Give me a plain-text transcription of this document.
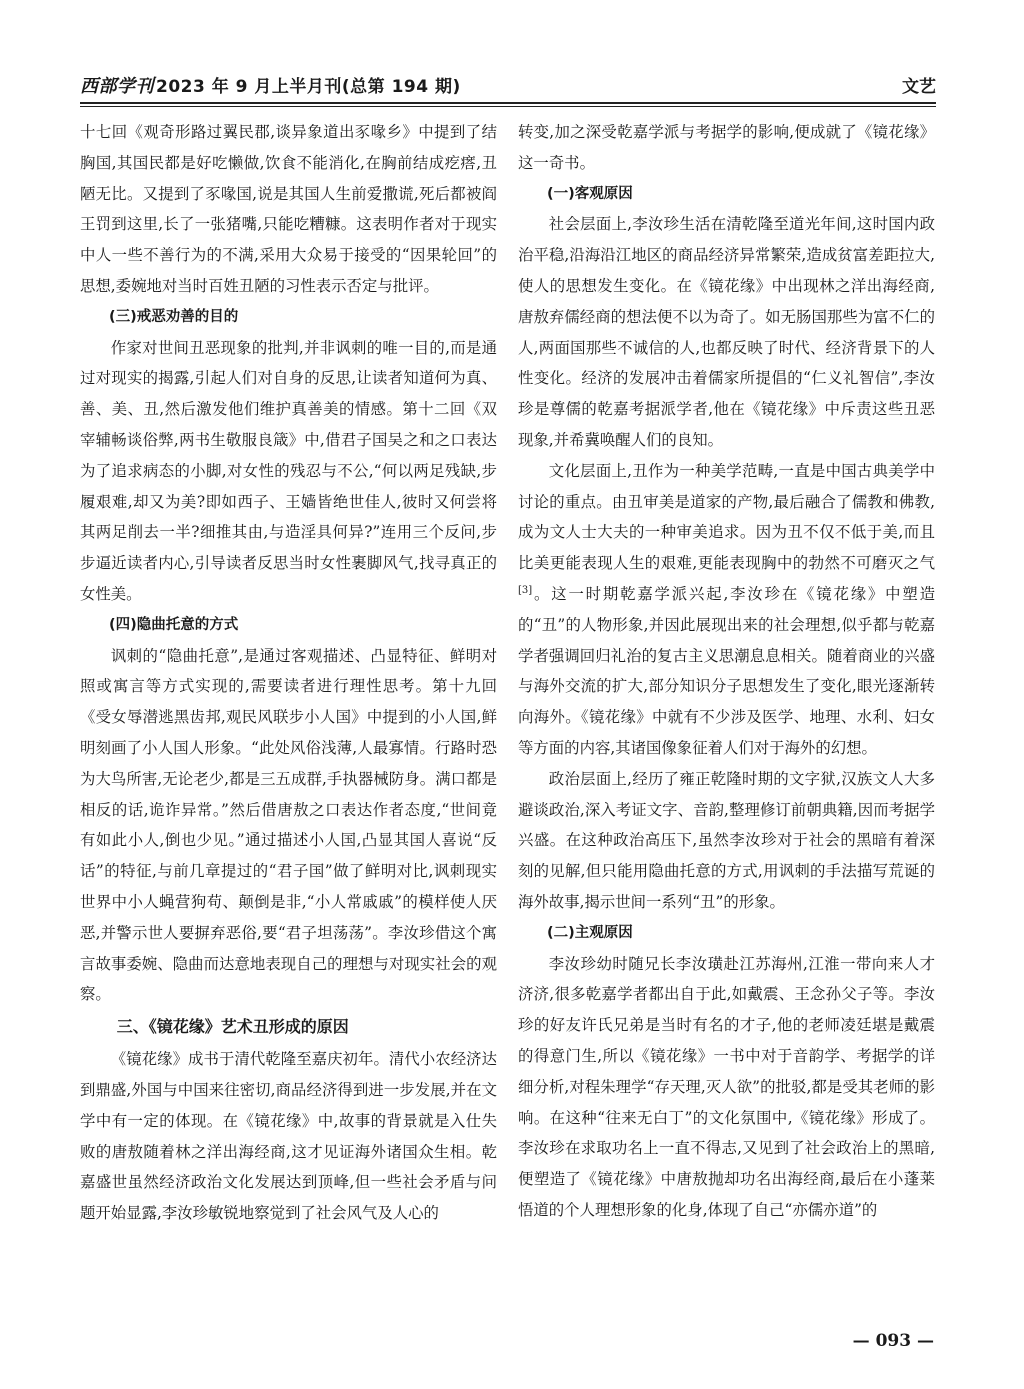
西部学刊 2023 年 9 月上半月刊(总第 194 期)	文艺

十七回《观奇形路过翼民郡,谈异象道出豕喙乡》中提到了结胸国,其国民都是好吃懒做,饮食不能消化,在胸前结成疙瘩,丑陋无比。又提到了豕喙国,说是其国人生前爱撒谎,死后都被阎王罚到这里,长了一张猪嘴,只能吃糟糠。这表明作者对于现实中人一些不善行为的不满,采用大众易于接受的“因果轮回”的思想,委婉地对当时百姓丑陋的习性表示否定与批评。

(三)戒恶劝善的目的

作家对世间丑恶现象的批判,并非讽刺的唯一目的,而是通过对现实的揭露,引起人们对自身的反思,让读者知道何为真、善、美、丑,然后激发他们维护真善美的情感。第十二回《双宰辅畅谈俗弊,两书生敬服良箴》中,借君子国吴之和之口表达为了追求病态的小脚,对女性的残忍与不公,“何以两足残缺,步履艰难,却又为美?即如西子、王嫱皆绝世佳人,彼时又何尝将其两足削去一半?细推其由,与造淫具何异?”连用三个反问,步步逼近读者内心,引导读者反思当时女性裹脚风气,找寻真正的女性美。

(四)隐曲托意的方式

讽刺的“隐曲托意”,是通过客观描述、凸显特征、鲜明对照或寓言等方式实现的,需要读者进行理性思考。第十九回《受女辱潜逃黑齿邦,观民风联步小人国》中提到的小人国,鲜明刻画了小人国人形象。“此处风俗浅薄,人最寡情。行路时恐为大鸟所害,无论老少,都是三五成群,手执器械防身。满口都是相反的话,诡诈异常。”然后借唐敖之口表达作者态度,“世间竟有如此小人,倒也少见。”通过描述小人国,凸显其国人喜说“反话”的特征,与前几章提过的“君子国”做了鲜明对比,讽刺现实世界中小人蝇营狗苟、颠倒是非,“小人常戚戚”的模样使人厌恶,并警示世人要摒弃恶俗,要“君子坦荡荡”。李汝珍借这个寓言故事委婉、隐曲而达意地表现自己的理想与对现实社会的观察。

三、《镜花缘》艺术丑形成的原因

《镜花缘》成书于清代乾隆至嘉庆初年。清代小农经济达到鼎盛,外国与中国来往密切,商品经济得到进一步发展,并在文学中有一定的体现。在《镜花缘》中,故事的背景就是入仕失败的唐敖随着林之洋出海经商,这才见证海外诸国众生相。乾嘉盛世虽然经济政治文化发展达到顶峰,但一些社会矛盾与问题开始显露,李汝珍敏锐地察觉到了社会风气及人心的

转变,加之深受乾嘉学派与考据学的影响,便成就了《镜花缘》这一奇书。

(一)客观原因

社会层面上,李汝珍生活在清乾隆至道光年间,这时国内政治平稳,沿海沿江地区的商品经济异常繁荣,造成贫富差距拉大,使人的思想发生变化。在《镜花缘》中出现林之洋出海经商,唐敖弃儒经商的想法便不以为奇了。如无肠国那些为富不仁的人,两面国那些不诚信的人,也都反映了时代、经济背景下的人性变化。经济的发展冲击着儒家所提倡的“仁义礼智信”,李汝珍是尊儒的乾嘉考据派学者,他在《镜花缘》中斥责这些丑恶现象,并希冀唤醒人们的良知。

文化层面上,丑作为一种美学范畴,一直是中国古典美学中讨论的重点。由丑审美是道家的产物,最后融合了儒教和佛教,成为文人士大夫的一种审美追求。因为丑不仅不低于美,而且比美更能表现人生的艰难,更能表现胸中的勃然不可磨灭之气[3]。这一时期乾嘉学派兴起,李汝珍在《镜花缘》中塑造的“丑”的人物形象,并因此展现出来的社会理想,似乎都与乾嘉学者强调回归礼治的复古主义思潮息息相关。随着商业的兴盛与海外交流的扩大,部分知识分子思想发生了变化,眼光逐渐转向海外。《镜花缘》中就有不少涉及医学、地理、水利、妇女等方面的内容,其诸国像象征着人们对于海外的幻想。

政治层面上,经历了雍正乾隆时期的文字狱,汉族文人大多避谈政治,深入考证文字、音韵,整理修订前朝典籍,因而考据学兴盛。在这种政治高压下,虽然李汝珍对于社会的黑暗有着深刻的见解,但只能用隐曲托意的方式,用讽刺的手法描写荒诞的海外故事,揭示世间一系列“丑”的形象。

(二)主观原因

李汝珍幼时随兄长李汝璜赴江苏海州,江淮一带向来人才济济,很多乾嘉学者都出自于此,如戴震、王念孙父子等。李汝珍的好友许氏兄弟是当时有名的才子,他的老师凌廷堪是戴震的得意门生,所以《镜花缘》一书中对于音韵学、考据学的详细分析,对程朱理学“存天理,灭人欲”的批驳,都是受其老师的影响。在这种“往来无白丁”的文化氛围中,《镜花缘》形成了。李汝珍在求取功名上一直不得志,又见到了社会政治上的黑暗,便塑造了《镜花缘》中唐敖抛却功名出海经商,最后在小蓬莱悟道的个人理想形象的化身,体现了自己“亦儒亦道”的

— 093 —
